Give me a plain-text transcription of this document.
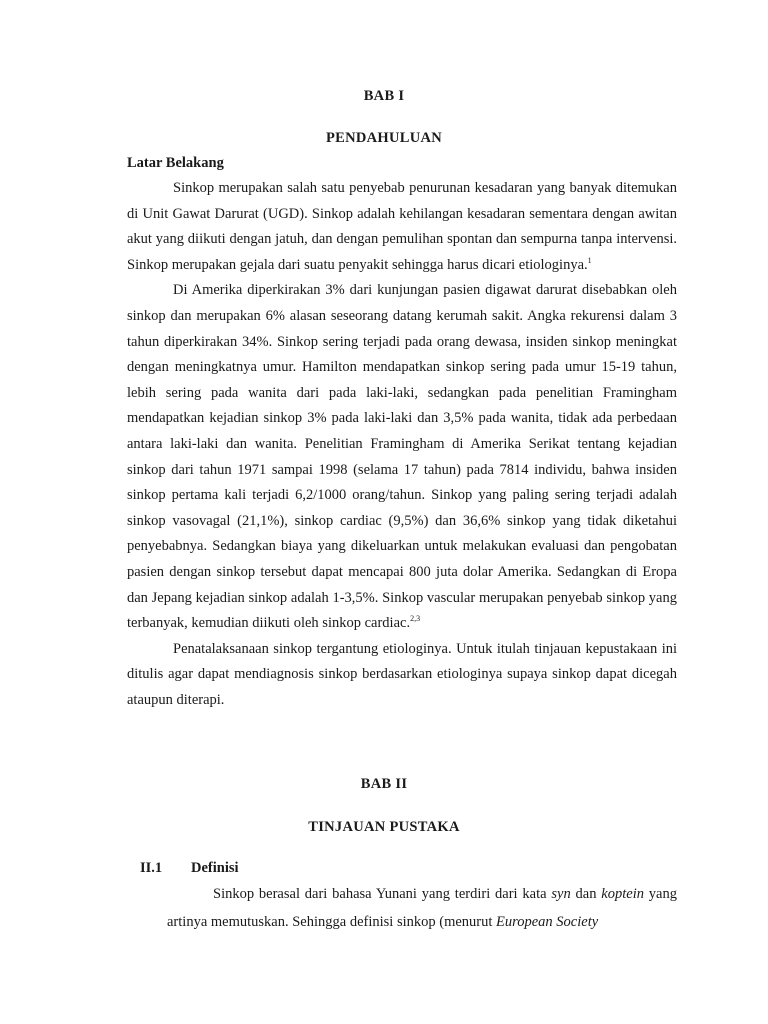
BAB I
PENDAHULUAN
Latar Belakang

Sinkop merupakan salah satu penyebab penurunan kesadaran yang banyak ditemukan di Unit Gawat Darurat (UGD). Sinkop adalah kehilangan kesadaran sementara dengan awitan akut yang diikuti dengan jatuh, dan dengan pemulihan spontan dan sempurna tanpa intervensi. Sinkop merupakan gejala dari suatu penyakit sehingga harus dicari etiologinya.$^1$

Di Amerika diperkirakan 3% dari kunjungan pasien digawat darurat disebabkan oleh sinkop dan merupakan 6% alasan seseorang datang kerumah sakit. Angka rekurensi dalam 3 tahun diperkirakan 34%. Sinkop sering terjadi pada orang dewasa, insiden sinkop meningkat dengan meningkatnya umur. Hamilton mendapatkan sinkop sering pada umur 15-19 tahun, lebih sering pada wanita dari pada laki-laki, sedangkan pada penelitian Framingham mendapatkan kejadian sinkop 3% pada laki-laki dan 3,5% pada wanita, tidak ada perbedaan antara laki-laki dan wanita. Penelitian Framingham di Amerika Serikat tentang kejadian sinkop dari tahun 1971 sampai 1998 (selama 17 tahun) pada 7814 individu, bahwa insiden sinkop pertama kali terjadi 6,2/1000 orang/tahun. Sinkop yang paling sering terjadi adalah sinkop vasovagal (21,1%), sinkop cardiac (9,5%) dan 36,6% sinkop yang tidak diketahui penyebabnya. Sedangkan biaya yang dikeluarkan untuk melakukan evaluasi dan pengobatan pasien dengan sinkop tersebut dapat mencapai 800 juta dolar Amerika. Sedangkan di Eropa dan Jepang kejadian sinkop adalah 1-3,5%. Sinkop vascular merupakan penyebab sinkop yang terbanyak, kemudian diikuti oleh sinkop cardiac.$^{2,3}$

Penatalaksanaan sinkop tergantung etiologinya. Untuk itulah tinjauan kepustakaan ini ditulis agar dapat mendiagnosis sinkop berdasarkan etiologinya supaya sinkop dapat dicegah ataupun diterapi.

BAB II
TINJAUAN PUSTAKA
II.1 Definisi

Sinkop berasal dari bahasa Yunani yang terdiri dari kata syn dan koptein yang artinya memutuskan. Sehingga definisi sinkop (menurut European Society
